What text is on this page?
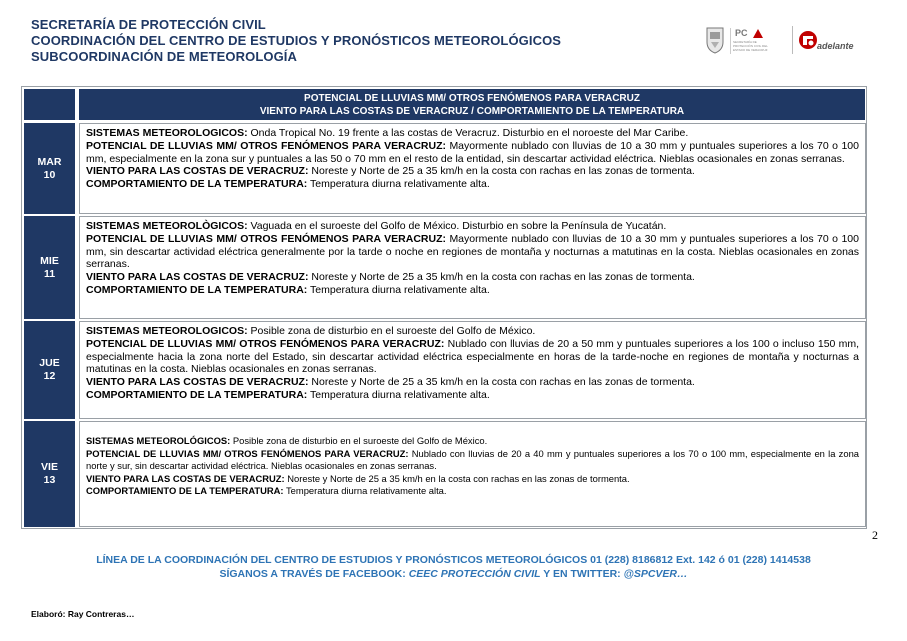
SECRETARÍA DE PROTECCIÓN CIVIL
COORDINACIÓN DEL CENTRO DE ESTUDIOS Y PRONÓSTICOS METEOROLÓGICOS
SUBCOORDINACIÓN DE METEOROLOGÍA
PC
SECRETARÍA DE PROTECCIÓN CIVIL DEL ESTADO DE VERACRUZ	adelante
POTENCIAL DE LLUVIAS MM/ OTROS FENÓMENOS PARA VERACRUZ
VIENTO PARA LAS COSTAS DE VERACRUZ / COMPORTAMIENTO DE LA TEMPERATURA
MAR
10

SISTEMAS METEOROLOGICOS: Onda Tropical No. 19 frente a las costas de Veracruz. Disturbio en el noroeste del Mar Caribe.

POTENCIAL DE LLUVIAS MM/ OTROS FENÓMENOS PARA VERACRUZ: Mayormente nublado con lluvias de 10 a 30 mm y puntuales superiores a los 70 o 100 mm, especialmente en la zona sur y puntuales a las 50 o 70 mm en el resto de la entidad, sin descartar actividad eléctrica. Nieblas ocasionales en zonas serranas.

VIENTO PARA LAS COSTAS DE VERACRUZ: Noreste y Norte de 25 a 35 km/h en la costa con rachas en las zonas de tormenta.

COMPORTAMIENTO DE LA TEMPERATURA: Temperatura diurna relativamente alta.

MIE
11

SISTEMAS METEOROLÒGICOS: Vaguada en el suroeste del Golfo de México. Disturbio en sobre la Península de Yucatán.

POTENCIAL DE LLUVIAS MM/ OTROS FENÓMENOS PARA VERACRUZ: Mayormente nublado con lluvias de 10 a 30 mm y puntuales superiores a los 70 o 100 mm, sin descartar actividad eléctrica generalmente por la tarde o noche en regiones de montaña y nocturnas a matutinas en la costa. Nieblas ocasionales en zonas serranas.

VIENTO PARA LAS COSTAS DE VERACRUZ: Noreste y Norte de 25 a 35 km/h en la costa con rachas en las zonas de tormenta.

COMPORTAMIENTO DE LA TEMPERATURA: Temperatura diurna relativamente alta.

JUE
12

SISTEMAS METEOROLOGICOS: Posible zona de disturbio en el suroeste del Golfo de México.

POTENCIAL DE LLUVIAS MM/ OTROS FENÓMENOS PARA VERACRUZ: Nublado con lluvias de 20 a 50 mm y puntuales superiores a los 100 o incluso 150 mm, especialmente hacia la zona norte del Estado, sin descartar actividad eléctrica especialmente en horas de la tarde-noche en regiones de montaña y nocturnas a matutinas en la costa. Nieblas ocasionales en zonas serranas.

VIENTO PARA LAS COSTAS DE VERACRUZ: Noreste y Norte de 25 a 35 km/h en la costa con rachas en las zonas de tormenta.

COMPORTAMIENTO DE LA TEMPERATURA: Temperatura diurna relativamente alta.

VIE
13

SISTEMAS METEOROLÓGICOS: Posible zona de disturbio en el suroeste del Golfo de México.

POTENCIAL DE LLUVIAS MM/ OTROS FENÓMENOS PARA VERACRUZ: Nublado con lluvias de 20 a 40 mm y puntuales superiores a los 70 o 100 mm, especialmente en la zona norte y sur, sin descartar actividad eléctrica. Nieblas ocasionales en zonas serranas.

VIENTO PARA LAS COSTAS DE VERACRUZ: Noreste y Norte de 25 a 35 km/h en la costa con rachas en las zonas de tormenta.

COMPORTAMIENTO DE LA TEMPERATURA: Temperatura diurna relativamente alta.

2
LÍNEA DE LA COORDINACIÓN DEL CENTRO DE ESTUDIOS Y PRONÓSTICOS METEOROLÓGICOS 01 (228) 8186812 Ext. 142 ó 01 (228) 1414538
SÍGANOS A TRAVÉS DE FACEBOOK: CEEC PROTECCIÓN CIVIL Y EN TWITTER: @SPCVER…
Elaboró: Ray Contreras…
